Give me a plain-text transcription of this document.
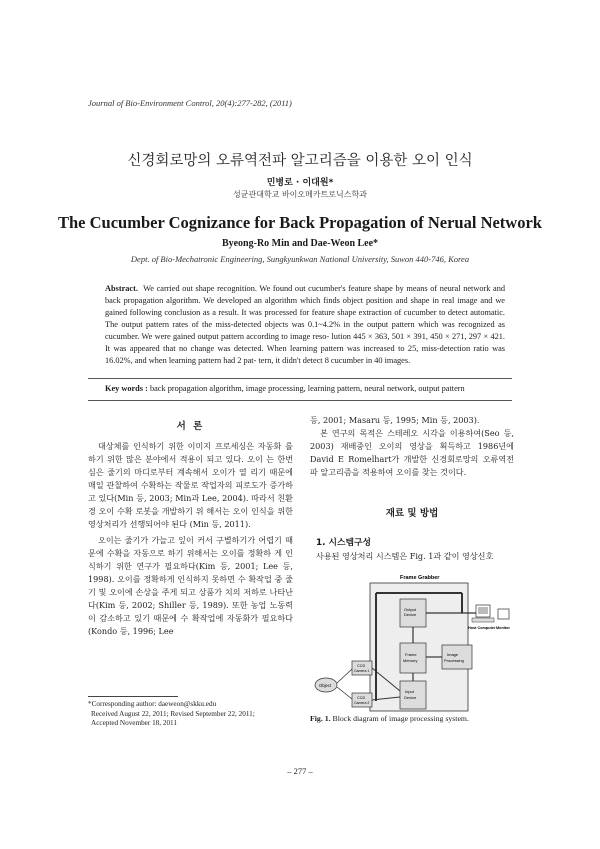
Journal of Bio-Environment Control, 20(4):277-282, (2011)
신경회로망의 오류역전파 알고리즘을 이용한 오이 인식
민병로 · 이대원*
성균관대학교 바이오메카트로닉스학과
The Cucumber Cognizance for Back Propagation of Nerual Network
Byeong-Ro Min and Dae-Weon Lee*
Dept. of Bio-Mechatronic Engineering, Sungkyunkwan National University, Suwon 440-746, Korea
Abstract. We carried out shape recognition. We found out cucumber's feature shape by means of neural network and back propagation algorithm. We developed an algorithm which finds object position and shape in real image and we gained following conclusion as a result. It was processed for feature shape extraction of cucumber to detect automatic. The output pattern rates of the miss-detected objects was 0.1~4.2% in the output pattern which was recognized as cucumber. We were gained output pattern according to image reso- lution 445 × 363, 501 × 391, 450 × 271, 297 × 421. It was appeared that no change was detected. When learning pattern was increased to 25, miss-detection ratio was 16.02%, and when learning pattern had 2 pat- tern, it didn't detect 8 cucumber in 40 images.
Key words : back propagation algorithm, image processing, learning pattern, neural network, output pattern
서 론

대상체를 인식하기 위한 이미지 프로세싱은 자동화 를 하기 위한 많은 분야에서 적용이 되고 있다. 오이 는 한번 심은 줄기의 마디로부터 계속해서 오이가 열 리기 때문에 매일 관찰하여 수확하는 작물로 작업자의 피로도가 증가하고 있다(Min 등, 2003; Min과 Lee, 2004). 따라서 친환경 오이 수확 로봇을 개발하기 위 해서는 오이 인식을 위한 영상처리가 선행되어야 된다 (Min 등, 2011).

오이는 줄기가 가늘고 잎이 커서 구별하기가 어렵기 때문에 수확을 자동으로 하기 위해서는 오이를 정확하 게 인식하기 위한 연구가 필요하다(Kim 등, 2001; Lee 등, 1998). 오이를 정확하게 인식하지 못하면 수 확작업 중 줄기 및 오이에 손상을 주게 되고 상품가 치의 저하로 나타난다(Kim 등, 2002; Shiller 등, 1989). 또한 농업 노동력이 감소하고 있기 때문에 수 확작업에 자동화가 필요하다(Kondo 등, 1996; Lee

등, 2001; Masaru 등, 1995; Min 등, 2003).

본 연구의 목적은 스테레오 시각을 이용하여(Seo 등, 2003) 재배중인 오이의 영상을 획득하고 1986년에 David E Romelhart가 개발한 신경회로망의 오류역전 파 알고리즘을 적용하여 오이를 찾는 것이다.

재료 및 방법
1. 시스템구성
사용된 영상처리 시스템은 Fig. 1과 같이 영상신호
Frame Grabber
Output
Device
Frame
Memory
Input
Device
Image
Processing
Host Computer Monitor
CCD
Camera 1
CCD
Camera 2
Object
Fig. 1. Block diagram of image processing system.
*Corresponding author: daeweon@skku.edu
Received August 22, 2011; Revised September 22, 2011;
Accepted November 18, 2011
– 277 –
